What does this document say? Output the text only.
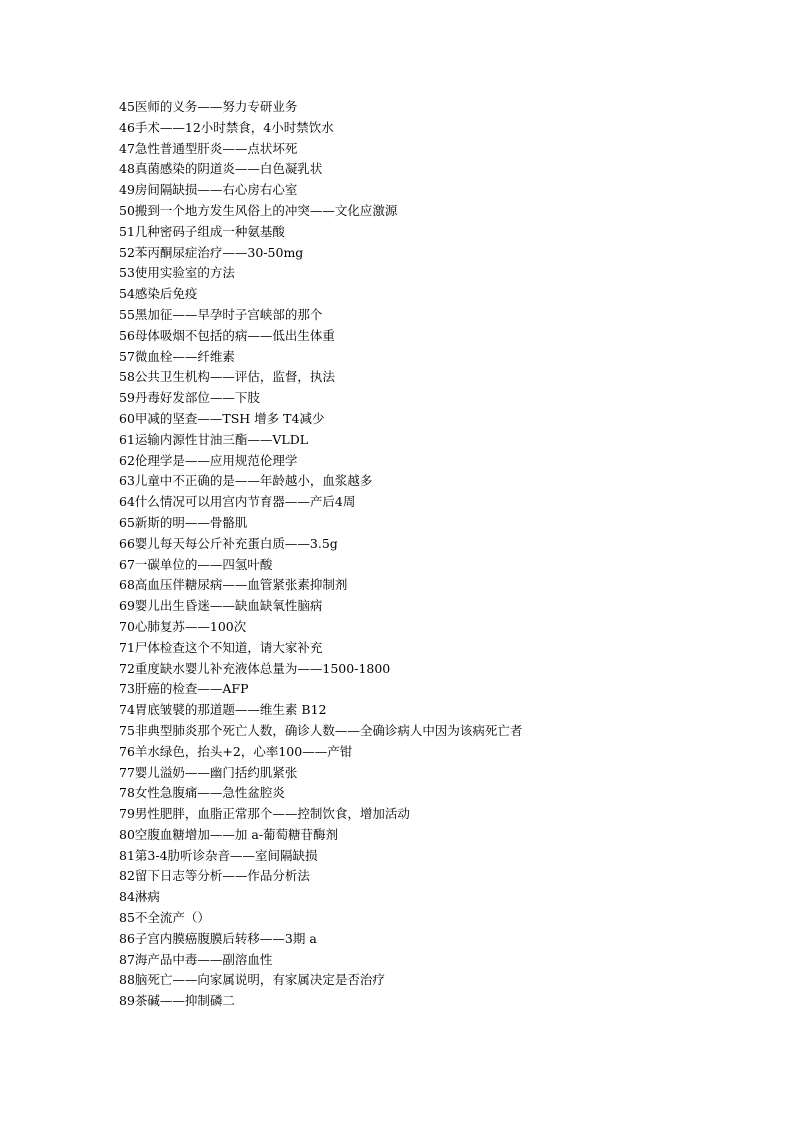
45医师的义务——努力专研业务
46手术——12小时禁食，4小时禁饮水
47急性普通型肝炎——点状坏死
48真菌感染的阴道炎——白色凝乳状
49房间隔缺损——右心房右心室
50搬到一个地方发生风俗上的冲突——文化应激源
51几种密码子组成一种氨基酸
52苯丙酮尿症治疗——30-50mg
53使用实验室的方法
54感染后免疫
55黑加征——早孕时子宫峡部的那个
56母体吸烟不包括的病——低出生体重
57微血栓——纤维素
58公共卫生机构——评估，监督，执法
59丹毒好发部位——下肢
60甲减的坚查——TSH 增多 T4减少
61运输内源性甘油三酯——VLDL
62伦理学是——应用规范伦理学
63儿童中不正确的是——年龄越小，血浆越多
64什么情况可以用宫内节育器——产后4周
65新斯的明——骨骼肌
66婴儿每天每公斤补充蛋白质——3.5g
67一碳单位的——四氢叶酸
68高血压伴糖尿病——血管紧张素抑制剂
69婴儿出生昏迷——缺血缺氧性脑病
70心肺复苏——100次
71尸体检查这个不知道，请大家补充
72重度缺水婴儿补充液体总量为——1500-1800
73肝癌的检查——AFP
74胃底皱襞的那道题——维生素 B12
75非典型肺炎那个死亡人数，确诊人数——全确诊病人中因为该病死亡者
76羊水绿色，抬头+2，心率100——产钳
77婴儿溢奶——幽门括约肌紧张
78女性急腹痛——急性盆腔炎
79男性肥胖，血脂正常那个——控制饮食，增加活动
80空腹血糖增加——加 a-葡萄糖苷酶剂
81第3-4肋听诊杂音——室间隔缺损
82留下日志等分析——作品分析法
84淋病
85不全流产（）
86子宫内膜癌腹膜后转移——3期 a
87海产品中毒——副溶血性
88脑死亡——向家属说明，有家属决定是否治疗
89茶碱——抑制磷二
